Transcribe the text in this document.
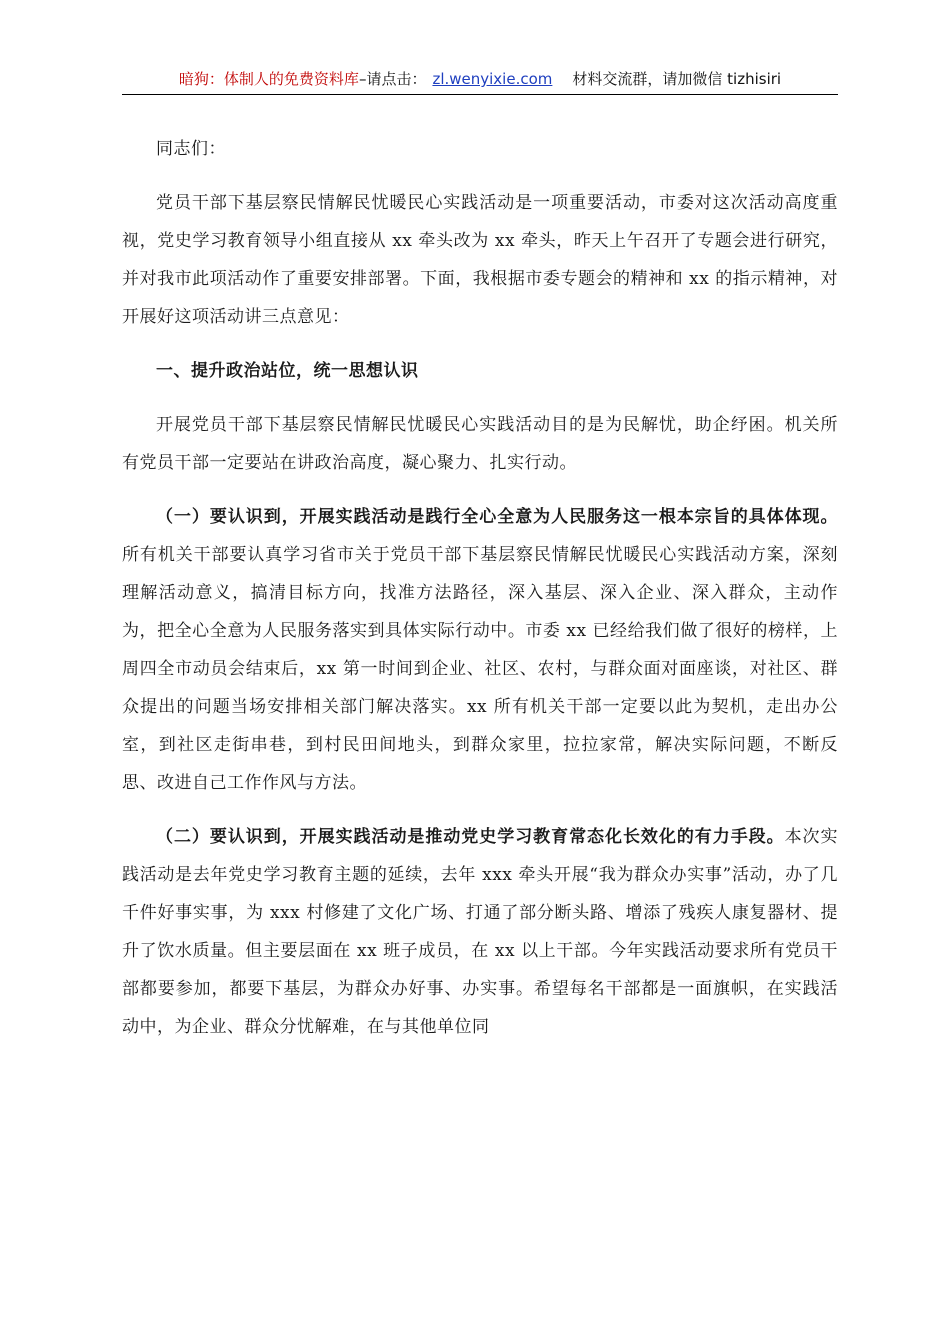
暗狗：体制人的免费资料库–请点击： zl.wenyixie.com 材料交流群，请加微信 tizhisiri

同志们：

党员干部下基层察民情解民忧暖民心实践活动是一项重要活动，市委对这次活动高度重视，党史学习教育领导小组直接从 xx 牵头改为 xx 牵头，昨天上午召开了专题会进行研究，并对我市此项活动作了重要安排部署。下面，我根据市委专题会的精神和 xx 的指示精神，对开展好这项活动讲三点意见：

一、提升政治站位，统一思想认识

开展党员干部下基层察民情解民忧暖民心实践活动目的是为民解忧，助企纾困。机关所有党员干部一定要站在讲政治高度，凝心聚力、扎实行动。

（一）要认识到，开展实践活动是践行全心全意为人民服务这一根本宗旨的具体体现。所有机关干部要认真学习省市关于党员干部下基层察民情解民忧暖民心实践活动方案，深刻理解活动意义，搞清目标方向，找准方法路径，深入基层、深入企业、深入群众，主动作为，把全心全意为人民服务落实到具体实际行动中。市委 xx 已经给我们做了很好的榜样，上周四全市动员会结束后，xx 第一时间到企业、社区、农村，与群众面对面座谈，对社区、群众提出的问题当场安排相关部门解决落实。xx 所有机关干部一定要以此为契机，走出办公室，到社区走街串巷，到村民田间地头，到群众家里，拉拉家常，解决实际问题，不断反思、改进自己工作作风与方法。

（二）要认识到，开展实践活动是推动党史学习教育常态化长效化的有力手段。本次实践活动是去年党史学习教育主题的延续，去年 xxx 牵头开展“我为群众办实事”活动，办了几千件好事实事，为 xxx 村修建了文化广场、打通了部分断头路、增添了残疾人康复器材、提升了饮水质量。但主要层面在 xx 班子成员，在 xx 以上干部。今年实践活动要求所有党员干部都要参加，都要下基层，为群众办好事、办实事。希望每名干部都是一面旗帜，在实践活动中，为企业、群众分忧解难，在与其他单位同
